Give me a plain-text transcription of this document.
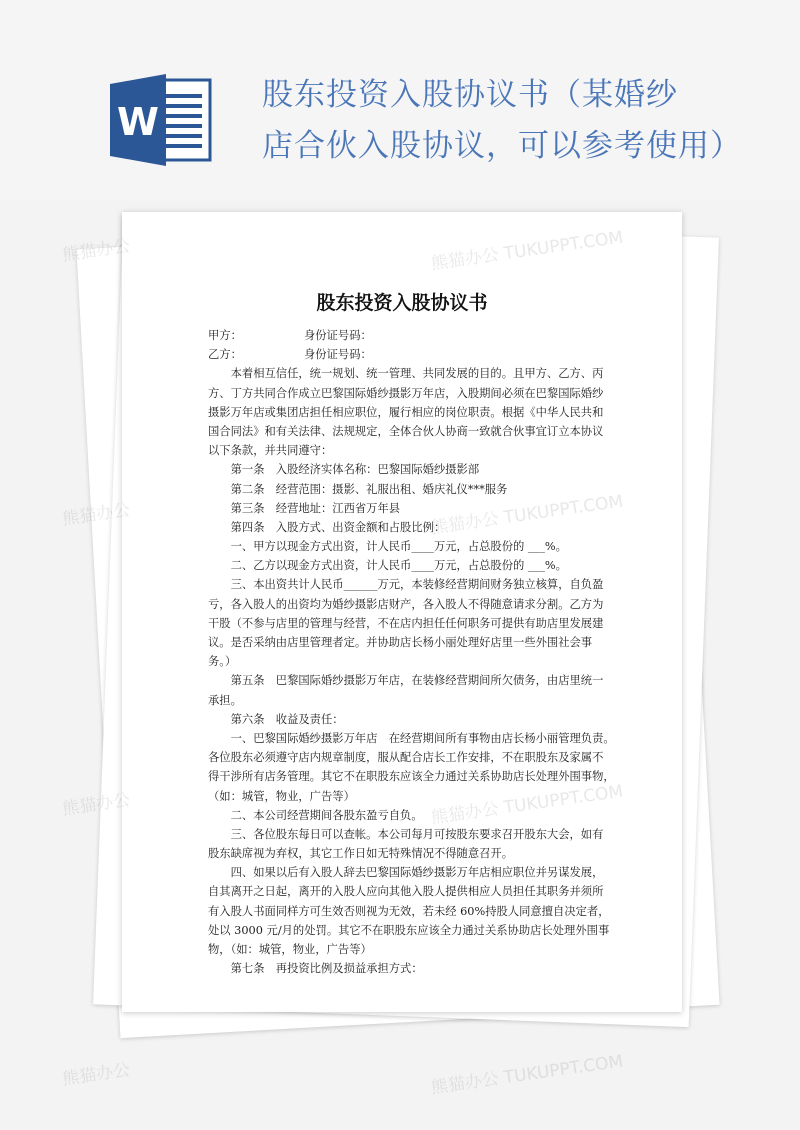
W
股东投资入股协议书（某婚纱
店合伙入股协议，可以参考使用）
股东投资入股协议书
甲方：	身份证号码：
乙方：	身份证号码：
　　本着相互信任，统一规划、统一管理、共同发展的目的。且甲方、乙方、丙
方、丁方共同合作成立巴黎国际婚纱摄影万年店，入股期间必须在巴黎国际婚纱
摄影万年店或集团店担任相应职位，履行相应的岗位职责。根据《中华人民共和
国合同法》和有关法律、法规规定，全体合伙人协商一致就合伙事宜订立本协议
以下条款，并共同遵守：
　　第一条　入股经济实体名称：巴黎国际婚纱摄影部
　　第二条　经营范围：摄影、礼服出租、婚庆礼仪***服务
　　第三条　经营地址：江西省万年县
　　第四条　入股方式、出资金额和占股比例：
　　一、甲方以现金方式出资，计人民币____万元，占总股份的 ___%。
　　二、乙方以现金方式出资，计人民币____万元，占总股份的 ___%。
　　三、本出资共计人民币______万元，本装修经营期间财务独立核算，自负盈
亏，各入股人的出资均为婚纱摄影店财产，各入股人不得随意请求分割。乙方为
干股（不参与店里的管理与经营，不在店内担任任何职务可提供有助店里发展建
议。是否采纳由店里管理者定。并协助店长杨小丽处理好店里一些外围社会事
务。）
　　第五条　巴黎国际婚纱摄影万年店，在装修经营期间所欠债务，由店里统一
承担。
　　第六条　收益及责任：
　　一、巴黎国际婚纱摄影万年店　在经营期间所有事物由店长杨小丽管理负责。
各位股东必须遵守店内规章制度，服从配合店长工作安排，不在职股东及家属不
得干涉所有店务管理。其它不在职股东应该全力通过关系协助店长处理外围事物，
（如：城管，物业，广告等）
　　二、本公司经营期间各股东盈亏自负。
　　三、各位股东每日可以查帐。本公司每月可按股东要求召开股东大会，如有
股东缺席视为弃权，其它工作日如无特殊情况不得随意召开。
　　四、如果以后有入股人辞去巴黎国际婚纱摄影万年店相应职位并另谋发展，
自其离开之日起，离开的入股人应向其他入股人提供相应人员担任其职务并须所
有入股人书面同样方可生效否则视为无效，若未经 60%持股人同意擅自决定者，
处以 3000 元/月的处罚。其它不在职股东应该全力通过关系协助店长处理外围事
物，（如：城管，物业，广告等）
　　第七条　再投资比例及损益承担方式：
熊猫办公	熊猫办公 TUKUPPT.COM
熊猫办公	熊猫办公 TUKUPPT.COM
熊猫办公	熊猫办公 TUKUPPT.COM
熊猫办公	熊猫办公 TUKUPPT.COM
